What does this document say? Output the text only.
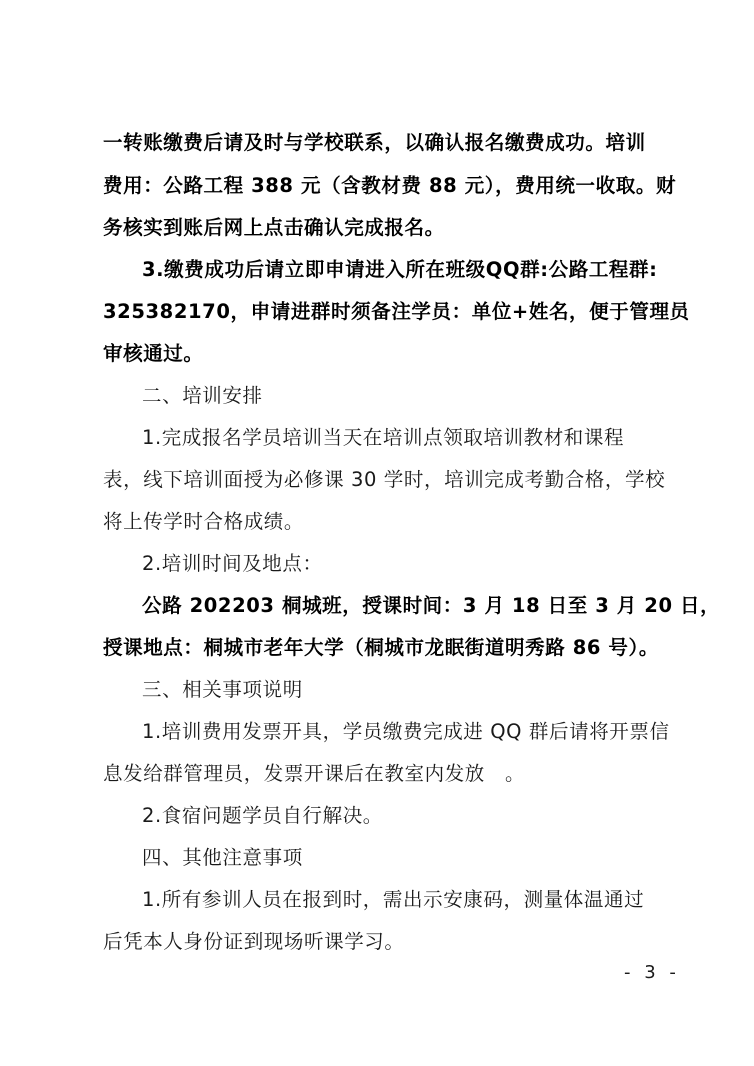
一转账缴费后请及时与学校联系，以确认报名缴费成功。培训
费用：公路工程 388 元（含教材费 88 元），费用统一收取。财
务核实到账后网上点击确认完成报名。
3.缴费成功后请立即申请进入所在班级QQ群:公路工程群:
325382170，申请进群时须备注学员：单位+姓名，便于管理员
审核通过。
二、培训安排
1.完成报名学员培训当天在培训点领取培训教材和课程
表，线下培训面授为必修课 30 学时，培训完成考勤合格，学校
将上传学时合格成绩。
2.培训时间及地点：
公路 202203 桐城班，授课时间：3 月 18 日至 3 月 20 日，
授课地点：桐城市老年大学（桐城市龙眠街道明秀路 86 号）。
三、相关事项说明
1.培训费用发票开具，学员缴费完成进 QQ 群后请将开票信
息发给群管理员，发票开课后在教室内发放　。
2.食宿问题学员自行解决。
四、其他注意事项
1.所有参训人员在报到时，需出示安康码，测量体温通过
后凭本人身份证到现场听课学习。
- 3 -
